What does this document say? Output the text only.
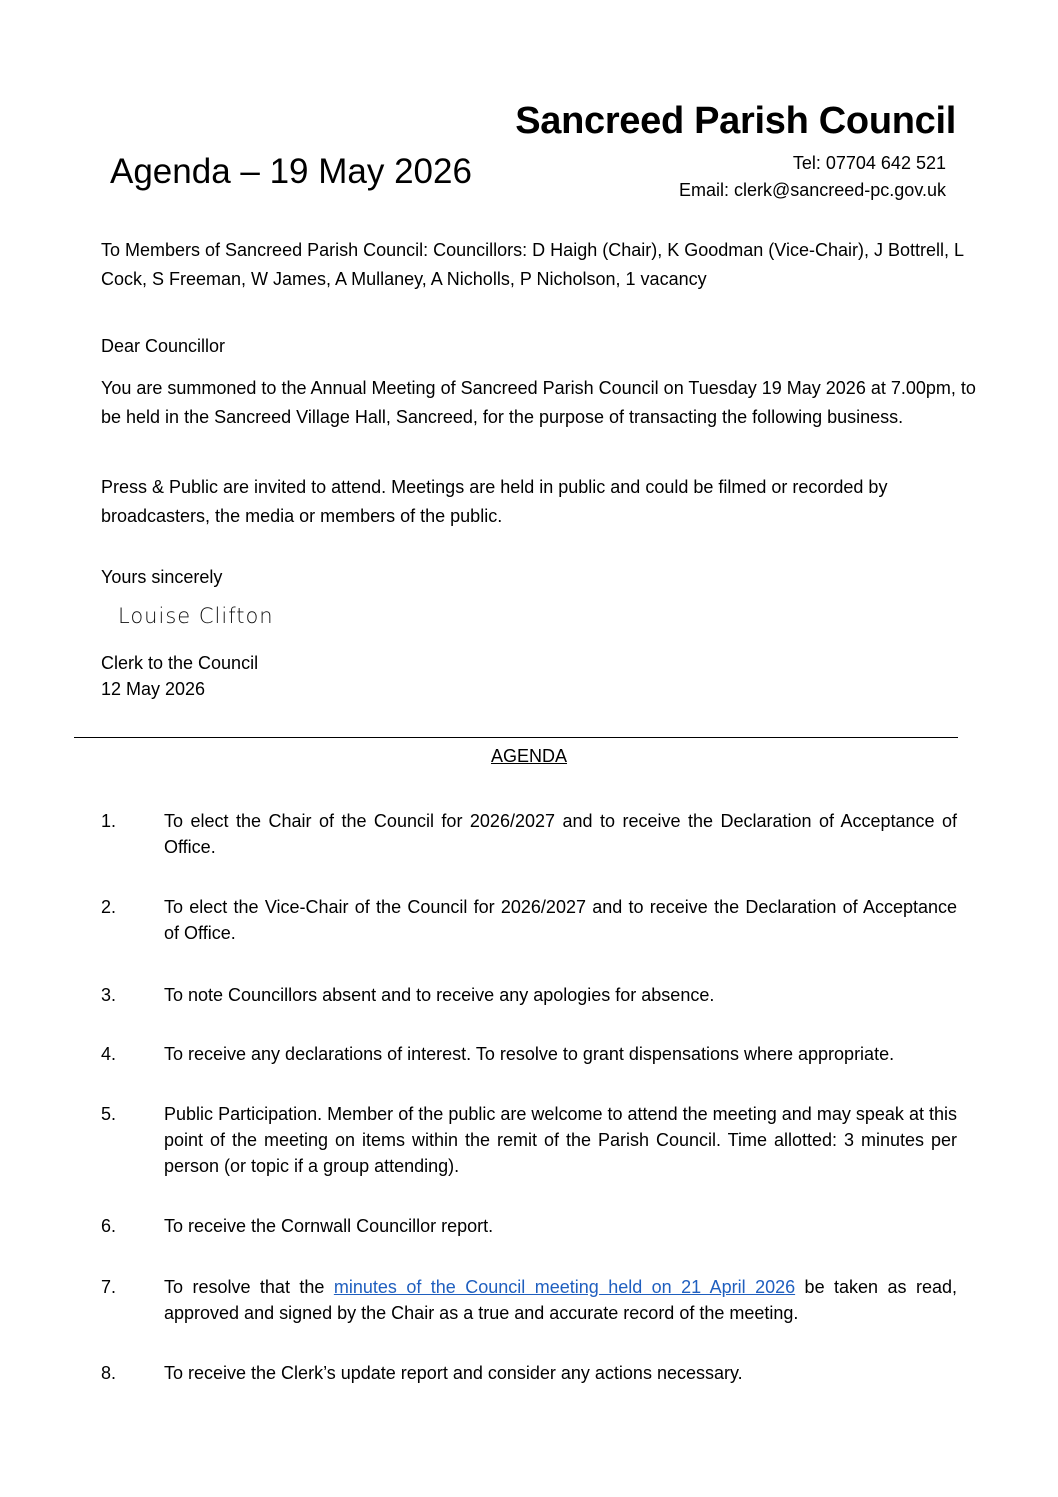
Sancreed Parish Council
Agenda – 19 May 2026	Tel: 07704 642 521
Email: clerk@sancreed-pc.gov.uk
To Members of Sancreed Parish Council: Councillors: D Haigh (Chair), K Goodman (Vice-Chair), J Bottrell, L Cock, S Freeman, W James, A Mullaney, A Nicholls, P Nicholson, 1 vacancy
Dear Councillor
You are summoned to the Annual Meeting of Sancreed Parish Council on Tuesday 19 May 2026 at 7.00pm, to be held in the Sancreed Village Hall, Sancreed, for the purpose of transacting the following business.
Press & Public are invited to attend. Meetings are held in public and could be filmed or recorded by broadcasters, the media or members of the public.
Yours sincerely
Louise Clifton
Clerk to the Council
12 May 2026
AGENDA
1.	To elect the Chair of the Council for 2026/2027 and to receive the Declaration of Acceptance of Office.
2.	To elect the Vice-Chair of the Council for 2026/2027 and to receive the Declaration of Acceptance of Office.
3.	To note Councillors absent and to receive any apologies for absence.
4.	To receive any declarations of interest. To resolve to grant dispensations where appropriate.
5.	Public Participation. Member of the public are welcome to attend the meeting and may speak at this point of the meeting on items within the remit of the Parish Council. Time allotted: 3 minutes per person (or topic if a group attending).
6.	To receive the Cornwall Councillor report.
7.	To resolve that the minutes of the Council meeting held on 21 April 2026 be taken as read, approved and signed by the Chair as a true and accurate record of the meeting.
8.	To receive the Clerk’s update report and consider any actions necessary.
